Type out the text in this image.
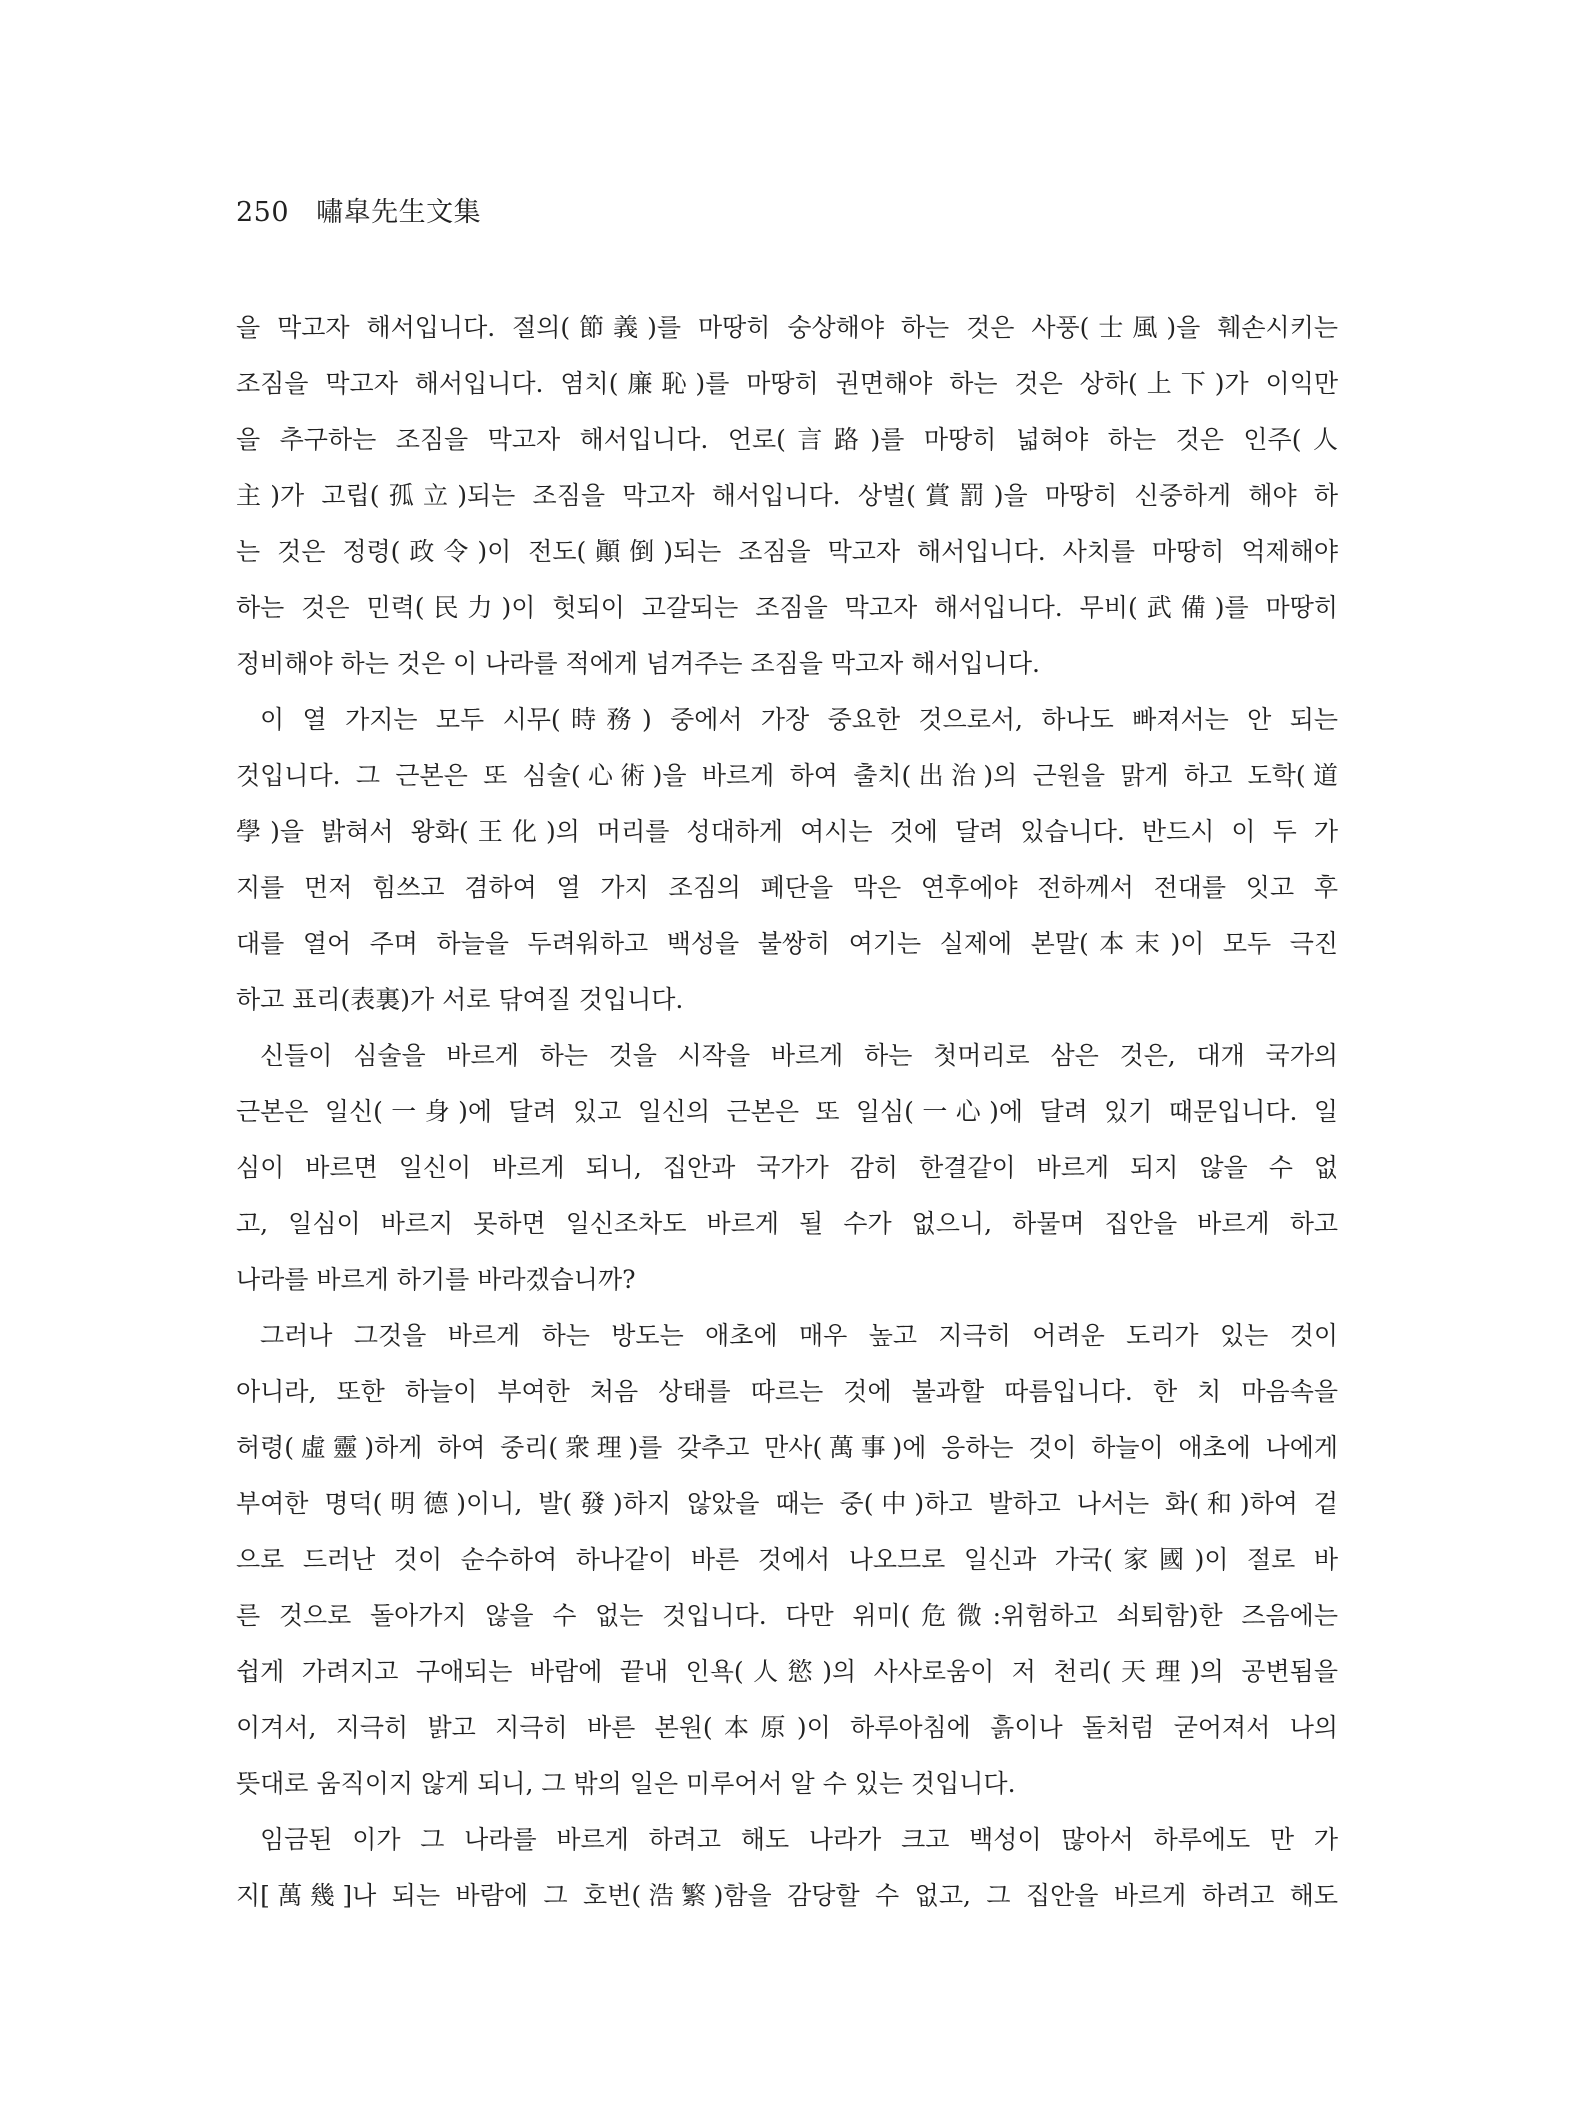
250 嘯皐先生文集
을 막고자 해서입니다. 절의(節義)를 마땅히 숭상해야 하는 것은 사풍(士風)을 훼손시키는
조짐을 막고자 해서입니다. 염치(廉恥)를 마땅히 권면해야 하는 것은 상하(上下)가 이익만
을 추구하는 조짐을 막고자 해서입니다. 언로(言路)를 마땅히 넓혀야 하는 것은 인주(人
主)가 고립(孤立)되는 조짐을 막고자 해서입니다. 상벌(賞罰)을 마땅히 신중하게 해야 하
는 것은 정령(政令)이 전도(顚倒)되는 조짐을 막고자 해서입니다. 사치를 마땅히 억제해야
하는 것은 민력(民力)이 헛되이 고갈되는 조짐을 막고자 해서입니다. 무비(武備)를 마땅히
정비해야 하는 것은 이 나라를 적에게 넘겨주는 조짐을 막고자 해서입니다.
이 열 가지는 모두 시무(時務) 중에서 가장 중요한 것으로서, 하나도 빠져서는 안 되는
것입니다. 그 근본은 또 심술(心術)을 바르게 하여 출치(出治)의 근원을 맑게 하고 도학(道
學)을 밝혀서 왕화(王化)의 머리를 성대하게 여시는 것에 달려 있습니다. 반드시 이 두 가
지를 먼저 힘쓰고 겸하여 열 가지 조짐의 폐단을 막은 연후에야 전하께서 전대를 잇고 후
대를 열어 주며 하늘을 두려워하고 백성을 불쌍히 여기는 실제에 본말(本末)이 모두 극진
하고 표리(表裏)가 서로 닦여질 것입니다.
신들이 심술을 바르게 하는 것을 시작을 바르게 하는 첫머리로 삼은 것은, 대개 국가의
근본은 일신(一身)에 달려 있고 일신의 근본은 또 일심(一心)에 달려 있기 때문입니다. 일
심이 바르면 일신이 바르게 되니, 집안과 국가가 감히 한결같이 바르게 되지 않을 수 없
고, 일심이 바르지 못하면 일신조차도 바르게 될 수가 없으니, 하물며 집안을 바르게 하고
나라를 바르게 하기를 바라겠습니까?
그러나 그것을 바르게 하는 방도는 애초에 매우 높고 지극히 어려운 도리가 있는 것이
아니라, 또한 하늘이 부여한 처음 상태를 따르는 것에 불과할 따름입니다. 한 치 마음속을
허령(虛靈)하게 하여 중리(衆理)를 갖추고 만사(萬事)에 응하는 것이 하늘이 애초에 나에게
부여한 명덕(明德)이니, 발(發)하지 않았을 때는 중(中)하고 발하고 나서는 화(和)하여 겉
으로 드러난 것이 순수하여 하나같이 바른 것에서 나오므로 일신과 가국(家國)이 절로 바
른 것으로 돌아가지 않을 수 없는 것입니다. 다만 위미(危微:위험하고 쇠퇴함)한 즈음에는
쉽게 가려지고 구애되는 바람에 끝내 인욕(人慾)의 사사로움이 저 천리(天理)의 공변됨을
이겨서, 지극히 밝고 지극히 바른 본원(本原)이 하루아침에 흙이나 돌처럼 굳어져서 나의
뜻대로 움직이지 않게 되니, 그 밖의 일은 미루어서 알 수 있는 것입니다.
임금된 이가 그 나라를 바르게 하려고 해도 나라가 크고 백성이 많아서 하루에도 만 가
지[萬幾]나 되는 바람에 그 호번(浩繁)함을 감당할 수 없고, 그 집안을 바르게 하려고 해도
